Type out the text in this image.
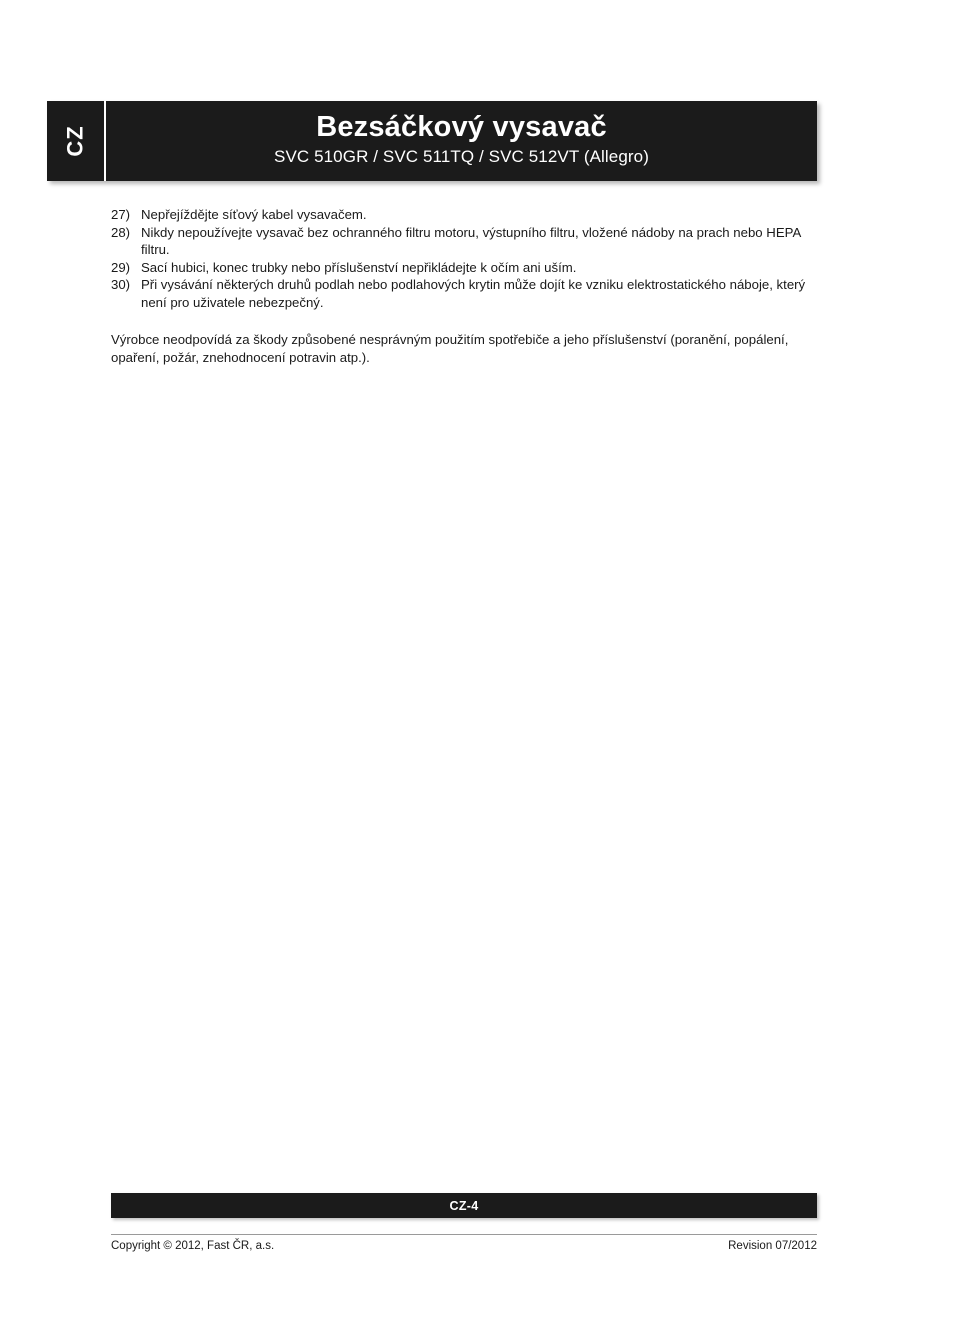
CZ	Bezsáčkový vysavač
SVC 510GR / SVC 511TQ / SVC 512VT (Allegro)
27) Nepřejíždějte síťový kabel vysavačem.
28) Nikdy nepoužívejte vysavač bez ochranného filtru motoru, výstupního filtru, vložené nádoby na prach nebo HEPA filtru.
29) Sací hubici, konec trubky nebo příslušenství nepřikládejte k očím ani uším.
30) Při vysávání některých druhů podlah nebo podlahových krytin může dojít ke vzniku elektrostatického náboje, který není pro uživatele nebezpečný.
Výrobce neodpovídá za škody způsobené nesprávným použitím spotřebiče a jeho příslušenství (poranění, popálení, opaření, požár, znehodnocení potravin atp.).
CZ-4
Copyright © 2012, Fast ČR, a.s.	Revision 07/2012
